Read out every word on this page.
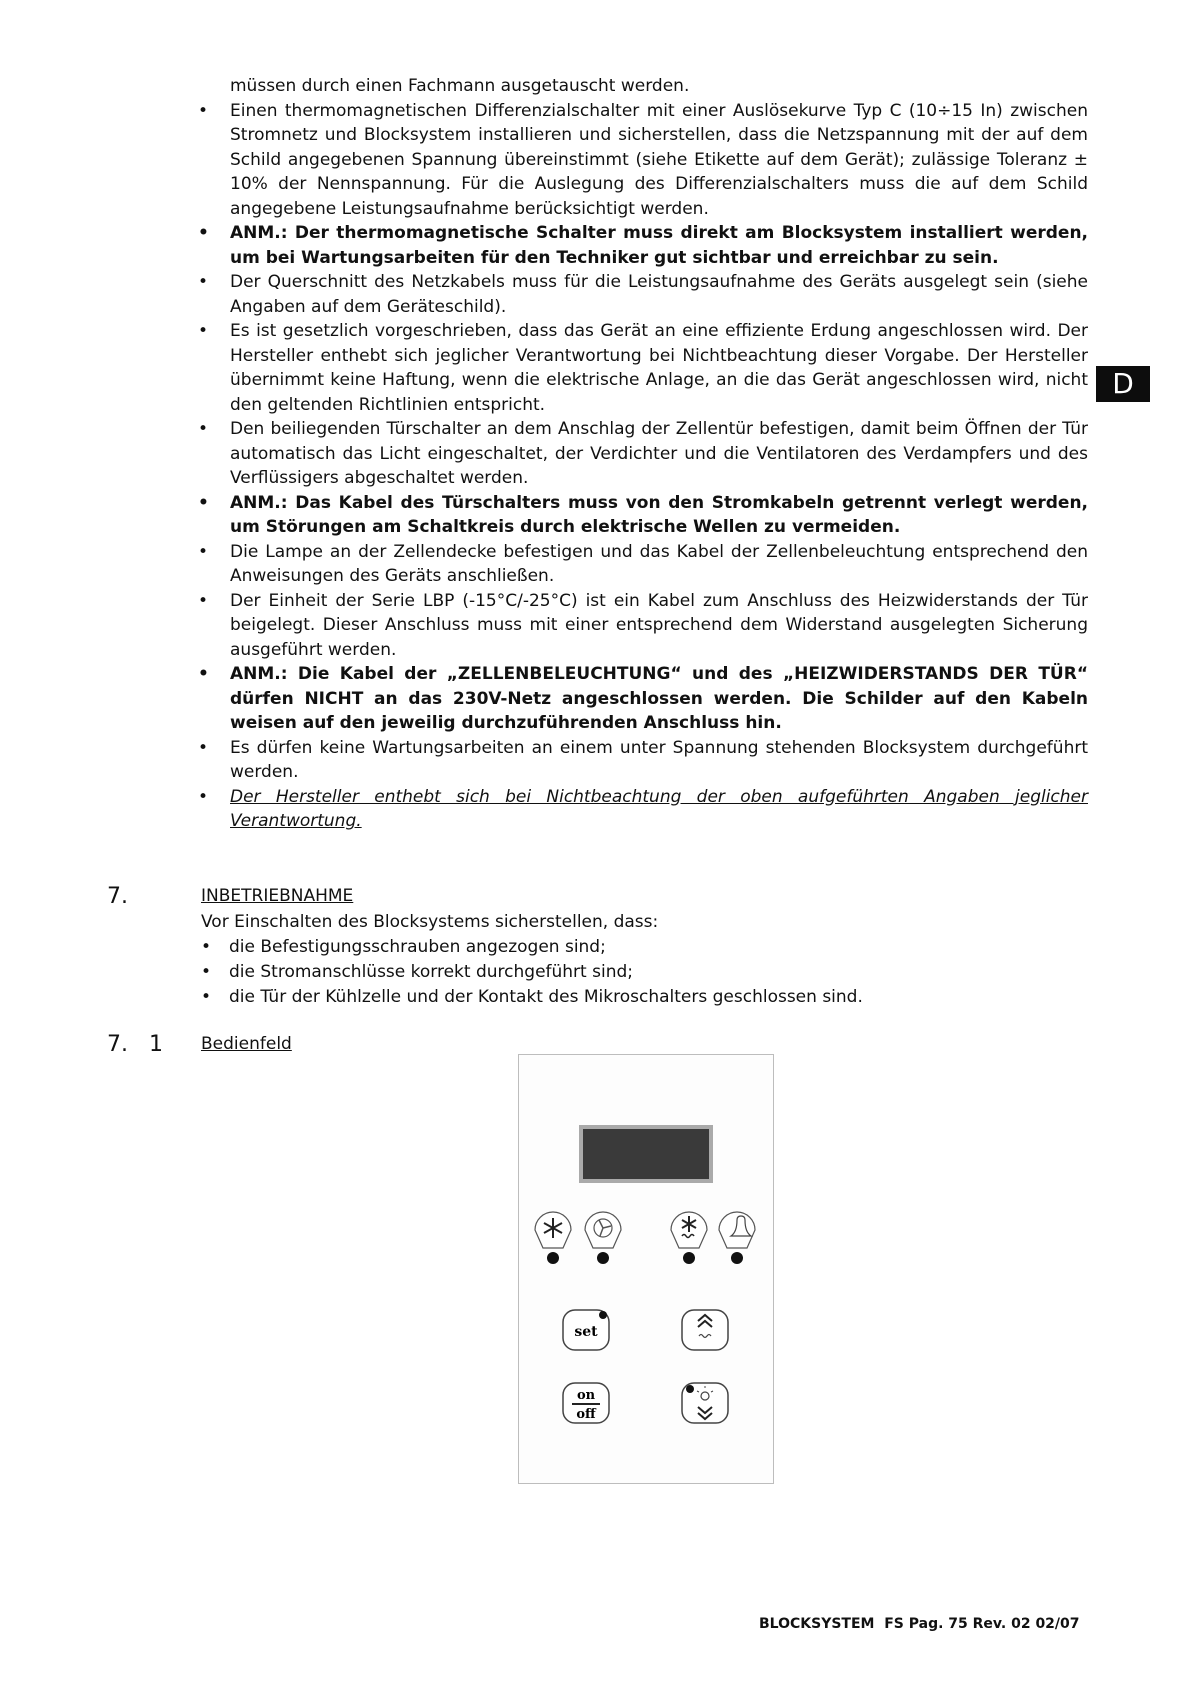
D
müssen durch einen Fachmann ausgetauscht werden.
• Einen thermomagnetischen Differenzialschalter mit einer Auslösekurve Typ C (10÷15 In) zwischen Stromnetz und Blocksystem installieren und sicherstellen, dass die Netzspannung mit der auf dem Schild angegebenen Spannung übereinstimmt (siehe Etikette auf dem Gerät); zulässige Toleranz ± 10% der Nennspannung. Für die Auslegung des Differenzialschalters muss die auf dem Schild angegebene Leistungsaufnahme berücksichtigt werden.
• ANM.: Der thermomagnetische Schalter muss direkt am Blocksystem installiert werden, um bei Wartungsarbeiten für den Techniker gut sichtbar und erreichbar zu sein.
• Der Querschnitt des Netzkabels muss für die Leistungsaufnahme des Geräts ausgelegt sein (siehe Angaben auf dem Geräteschild).
• Es ist gesetzlich vorgeschrieben, dass das Gerät an eine effiziente Erdung angeschlossen wird. Der Hersteller enthebt sich jeglicher Verantwortung bei Nichtbeachtung dieser Vorgabe. Der Hersteller übernimmt keine Haftung, wenn die elektrische Anlage, an die das Gerät angeschlossen wird, nicht den geltenden Richtlinien entspricht.
• Den beiliegenden Türschalter an dem Anschlag der Zellentür befestigen, damit beim Öffnen der Tür automatisch das Licht eingeschaltet, der Verdichter und die Ventilatoren des Verdampfers und des Verflüssigers abgeschaltet werden.
• ANM.: Das Kabel des Türschalters muss von den Stromkabeln getrennt verlegt werden, um Störungen am Schaltkreis durch elektrische Wellen zu vermeiden.
• Die Lampe an der Zellendecke befestigen und das Kabel der Zellenbeleuchtung entsprechend den Anweisungen des Geräts anschließen.
• Der Einheit der Serie LBP (-15°C/-25°C) ist ein Kabel zum Anschluss des Heizwiderstands der Tür beigelegt. Dieser Anschluss muss mit einer entsprechend dem Widerstand ausgelegten Sicherung ausgeführt werden.
• ANM.: Die Kabel der „ZELLENBELEUCHTUNG“ und des „HEIZWIDERSTANDS DER TÜR“ dürfen NICHT an das 230V-Netz angeschlossen werden. Die Schilder auf den Kabeln weisen auf den jeweilig durchzuführenden Anschluss hin.
• Es dürfen keine Wartungsarbeiten an einem unter Spannung stehenden Blocksystem durchgeführt werden.
• Der Hersteller enthebt sich bei Nichtbeachtung der oben aufgeführten Angaben jeglicher Verantwortung.
7.	INBETRIEBNAHME
Vor Einschalten des Blocksystems sicherstellen, dass:
• die Befestigungsschrauben angezogen sind;
• die Stromanschlüsse korrekt durchgeführt sind;
• die Tür der Kühlzelle und der Kontakt des Mikroschalters geschlossen sind.
7.   1 Bedienfeld
set
on
off
BLOCKSYSTEM  FS Pag. 75 Rev. 02 02/07
